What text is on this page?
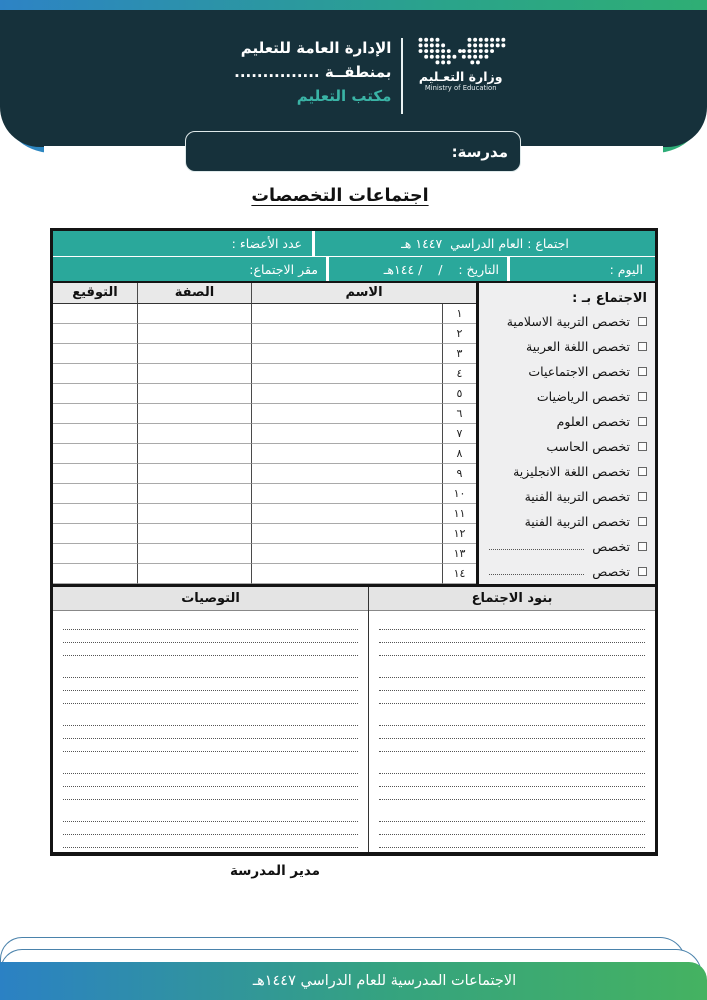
الإدارة العامة للتعليم
بمنطقــة ...............
مكتب التعليم
وزارة التعـليم
Ministry of Education
مدرسة:
اجتماعات التخصصات
اجتماع : العام الدراسي  ١٤٤٧ هـ
عدد الأعضاء :
اليوم :
التاريخ :    /    / ١٤٤هـ
مقر الاجتماع:
الاجتماع بـ :
تخصص التربية الاسلامية
تخصص اللغة العربية
تخصص الاجتماعيات
تخصص الرياضيات
تخصص العلوم
تخصص الحاسب
تخصص اللغة الانجليزية
تخصص التربية الفنية
تخصص التربية الفنية
تخصص
تخصص
الاسم
الصفة
التوقيع
١
٢
٣
٤
٥
٦
٧
٨
٩
١٠
١١
١٢
١٣
١٤
بنود الاجتماع
التوصيات
مدير المدرسة
الاجتماعات المدرسية للعام الدراسي ١٤٤٧هـ
